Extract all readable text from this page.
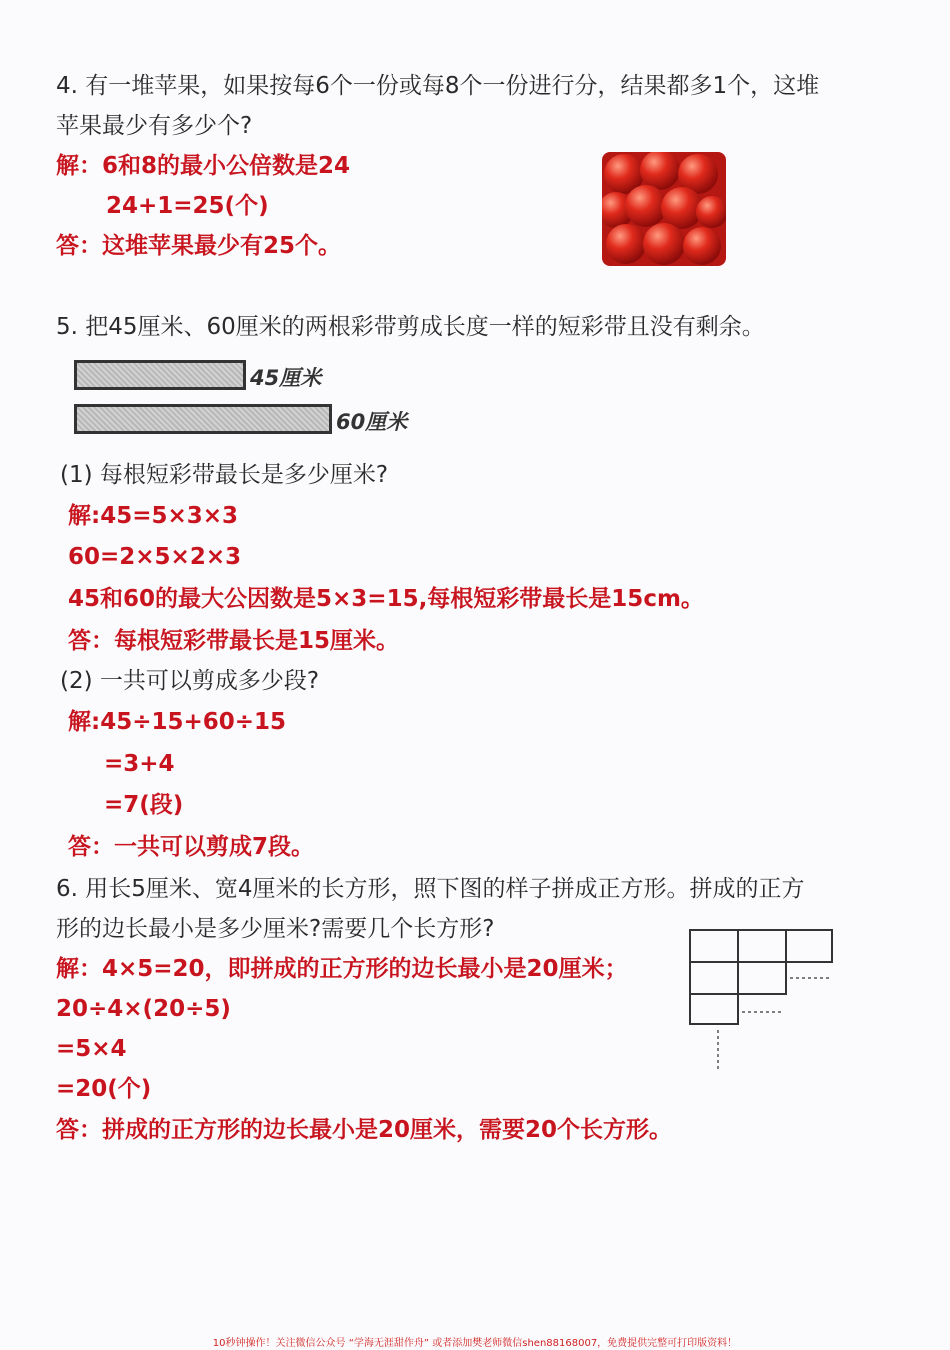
4. 有一堆苹果，如果按每6个一份或每8个一份进行分，结果都多1个，这堆
苹果最少有多少个?
解：6和8的最小公倍数是24
24+1=25(个)
答：这堆苹果最少有25个。
5. 把45厘米、60厘米的两根彩带剪成长度一样的短彩带且没有剩余。
45厘米
60厘米
(1) 每根短彩带最长是多少厘米?
解:45=5×3×3
60=2×5×2×3
45和60的最大公因数是5×3=15,每根短彩带最长是15cm。
答：每根短彩带最长是15厘米。
(2) 一共可以剪成多少段?
解:45÷15+60÷15
=3+4
=7(段)
答：一共可以剪成7段。
6. 用长5厘米、宽4厘米的长方形，照下图的样子拼成正方形。拼成的正方
形的边长最小是多少厘米?需要几个长方形?
解：4×5=20，即拼成的正方形的边长最小是20厘米；
20÷4×(20÷5)
=5×4
=20(个)
答：拼成的正方形的边长最小是20厘米，需要20个长方形。
10秒钟操作！关注微信公众号 “学海无涯甜作舟” 或者添加樊老师微信shen88168007，免费提供完整可打印版资料！
